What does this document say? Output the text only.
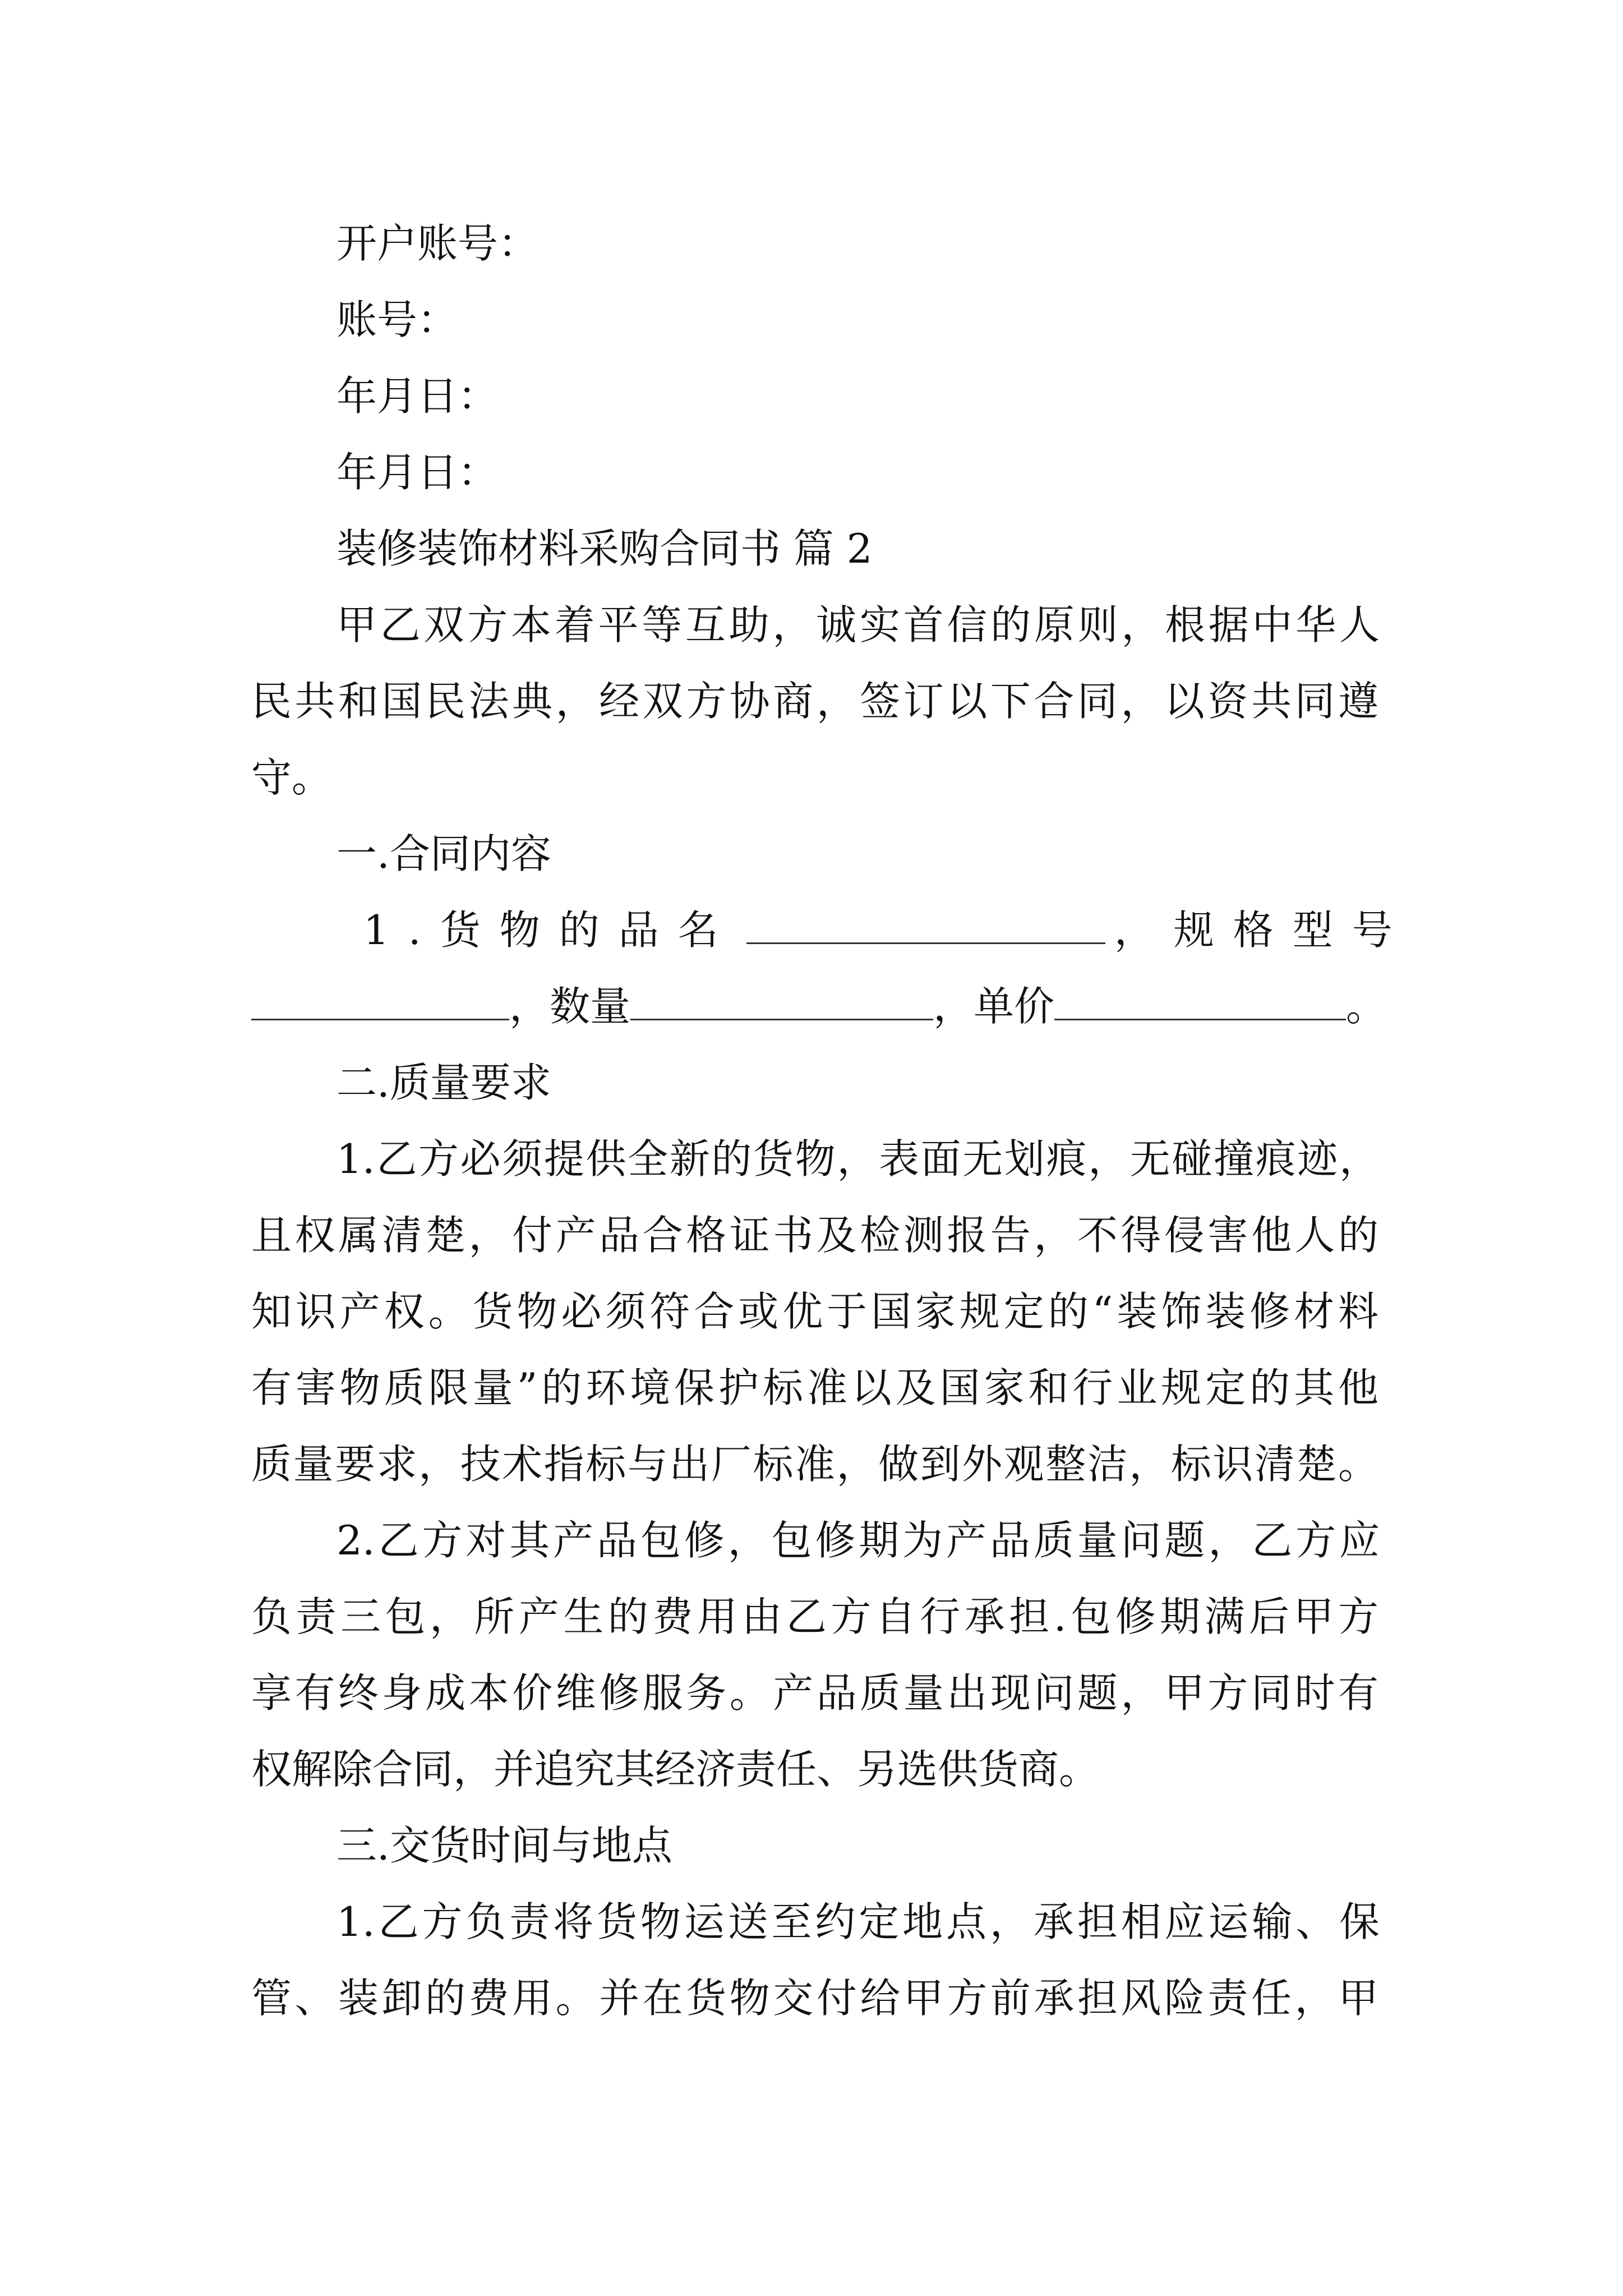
开户账号：
账号：
年月日：
年月日：
装修装饰材料采购合同书 篇 2
甲乙双方本着平等互助，诚实首信的原则，根据中华人
民共和国民法典，经双方协商，签订以下合同，以资共同遵
守。
一.合同内容
1.货物的品名	，规格型号
，数量	，单价	。
二.质量要求
1.乙方必须提供全新的货物，表面无划痕，无碰撞痕迹，
且权属清楚，付产品合格证书及检测报告，不得侵害他人的
知识产权。货物必须符合或优于国家规定的“装饰装修材料
有害物质限量”的环境保护标准以及国家和行业规定的其他
质量要求，技术指标与出厂标准，做到外观整洁，标识清楚。
2.乙方对其产品包修，包修期为产品质量问题，乙方应
负责三包，所产生的费用由乙方自行承担.包修期满后甲方
享有终身成本价维修服务。产品质量出现问题，甲方同时有
权解除合同，并追究其经济责任、另选供货商。
三.交货时间与地点
1.乙方负责将货物运送至约定地点，承担相应运输、保
管、装卸的费用。并在货物交付给甲方前承担风险责任，甲
